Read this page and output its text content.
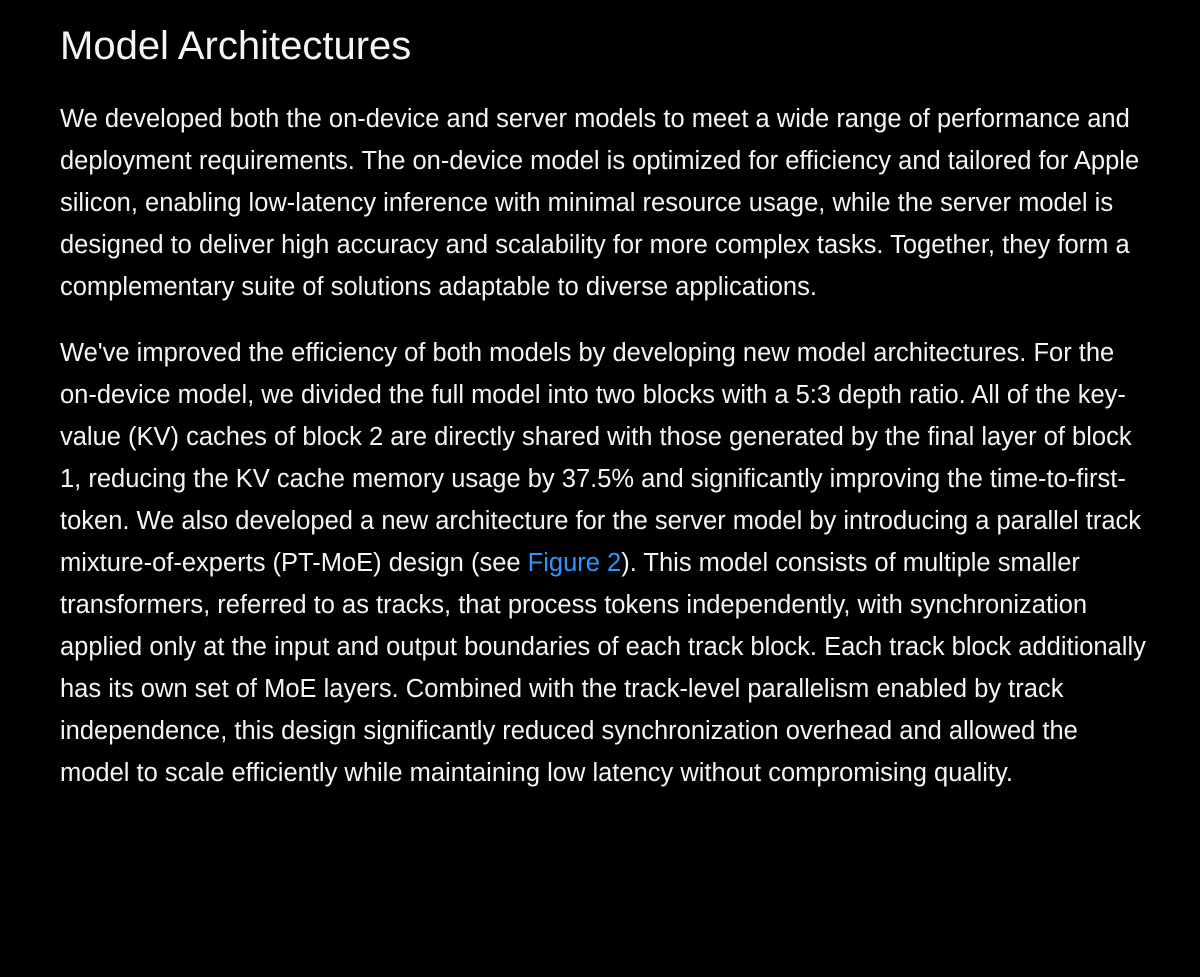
Model Architectures

We developed both the on-device and server models to meet a wide range of performance and deployment requirements. The on-device model is optimized for efficiency and tailored for Apple silicon, enabling low-latency inference with minimal resource usage, while the server model is designed to deliver high accuracy and scalability for more complex tasks. Together, they form a complementary suite of solutions adaptable to diverse applications.

We've improved the efficiency of both models by developing new model architectures. For the on-device model, we divided the full model into two blocks with a 5:3 depth ratio. All of the key-value (KV) caches of block 2 are directly shared with those generated by the final layer of block 1, reducing the KV cache memory usage by 37.5% and significantly improving the time-to-first-token. We also developed a new architecture for the server model by introducing a parallel track mixture-of-experts (PT-MoE) design (see Figure 2). This model consists of multiple smaller transformers, referred to as tracks, that process tokens independently, with synchronization applied only at the input and output boundaries of each track block. Each track block additionally has its own set of MoE layers. Combined with the track-level parallelism enabled by track independence, this design significantly reduced synchronization overhead and allowed the model to scale efficiently while maintaining low latency without compromising quality.
